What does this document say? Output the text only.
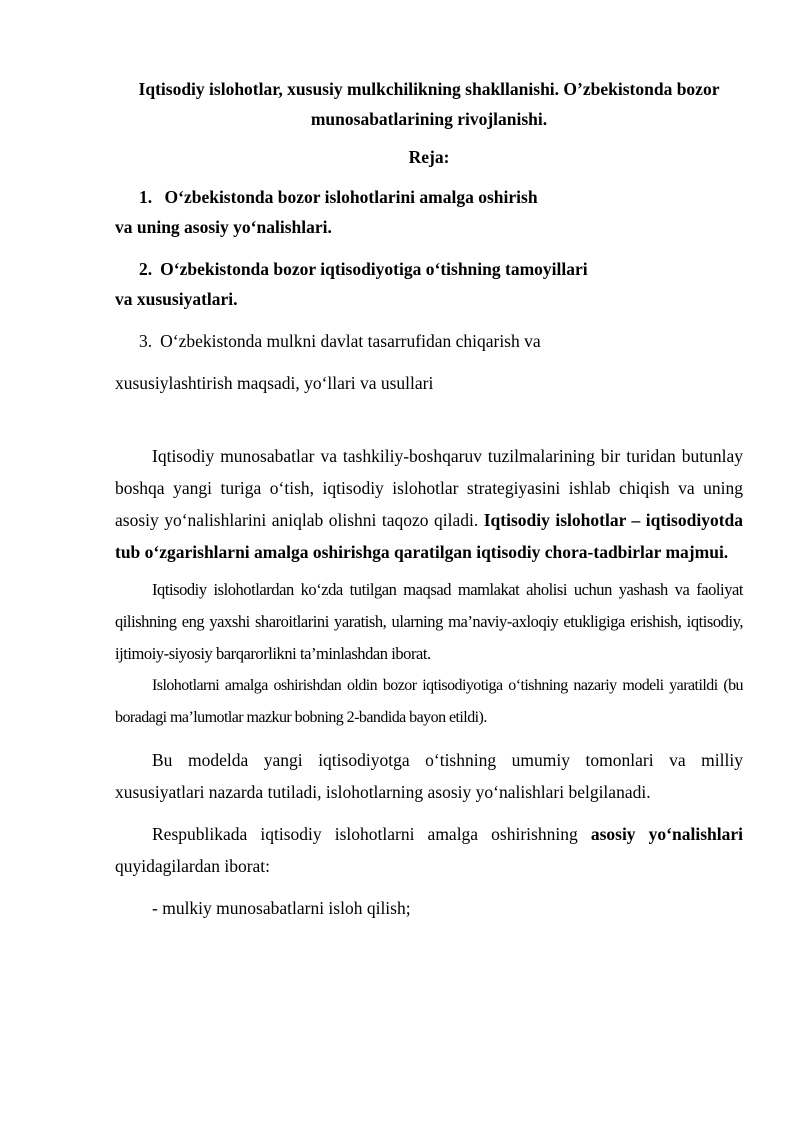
Iqtisodiy islohotlar, xususiy mulkchilikning shakllanishi. O’zbekistonda bozor munosabatlarining rivojlanishi.

Reja:

1. O‘zbekistonda bozor islohotlarini amalga oshirish
va uning asosiy yo‘nalishlari.
2. O‘zbekistonda bozor iqtisodiyotiga o‘tishning tamoyillari
va xususiyatlari.
3. O‘zbekistonda mulkni davlat tasarrufidan chiqarish va
xususiylashtirish maqsadi, yo‘llari va usullari

Iqtisodiy munosabatlar va tashkiliy-boshqaruv tuzilmalarining bir turidan butunlay boshqa yangi turiga o‘tish, iqtisodiy islohotlar strategiyasini ishlab chiqish va uning asosiy yo‘nalishlarini aniqlab olishni taqozo qiladi. Iqtisodiy islohotlar – iqtisodiyotda tub o‘zgarishlarni amalga oshirishga qaratilgan iqtisodiy chora-tadbirlar majmui.

Iqtisodiy islohotlardan ko‘zda tutilgan maqsad mamlakat aholisi uchun yashash va faoliyat qilishning eng yaxshi sharoitlarini yaratish, ularning ma’naviy-axloqiy etukligiga erishish, iqtisodiy, ijtimoiy-siyosiy barqarorlikni ta’minlashdan iborat.

Islohotlarni amalga oshirishdan oldin bozor iqtisodiyotiga o‘tishning nazariy modeli yaratildi (bu boradagi ma’lumotlar mazkur bobning 2-bandida bayon etildi).

Bu modelda yangi iqtisodiyotga o‘tishning umumiy tomonlari va milliy xususiyatlari nazarda tutiladi, islohotlarning asosiy yo‘nalishlari belgilanadi.

Respublikada iqtisodiy islohotlarni amalga oshirishning asosiy yo‘nalishlari quyidagilardan iborat:

- mulkiy munosabatlarni isloh qilish;
